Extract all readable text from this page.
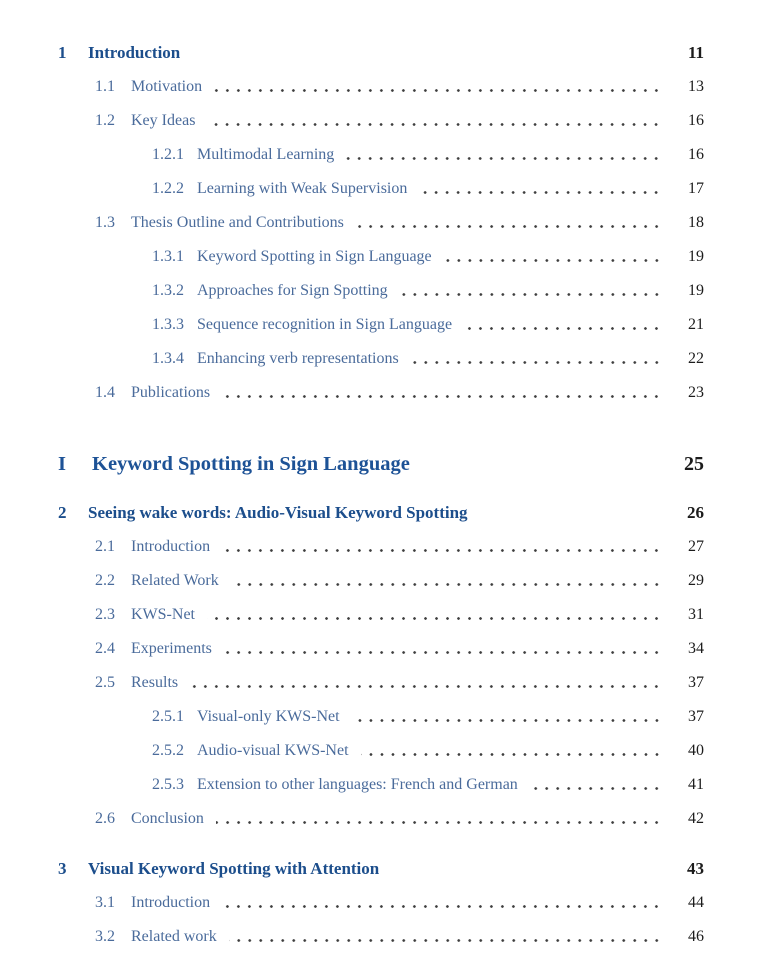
1	Introduction	11
1.1	Motivation	13
1.2	Key Ideas	16
1.2.1 Multimodal Learning	16
1.2.2 Learning with Weak Supervision	17
1.3	Thesis Outline and Contributions	18
1.3.1 Keyword Spotting in Sign Language	19
1.3.2 Approaches for Sign Spotting	19
1.3.3 Sequence recognition in Sign Language	21
1.3.4 Enhancing verb representations	22
1.4	Publications	23
I	Keyword Spotting in Sign Language	25
2	Seeing wake words: Audio-Visual Keyword Spotting	26
2.1	Introduction	27
2.2	Related Work	29
2.3	KWS-Net	31
2.4	Experiments	34
2.5	Results	37
2.5.1 Visual-only KWS-Net	37
2.5.2 Audio-visual KWS-Net	40
2.5.3 Extension to other languages: French and German	41
2.6	Conclusion	42
3	Visual Keyword Spotting with Attention	43
3.1	Introduction	44
3.2	Related work	46
